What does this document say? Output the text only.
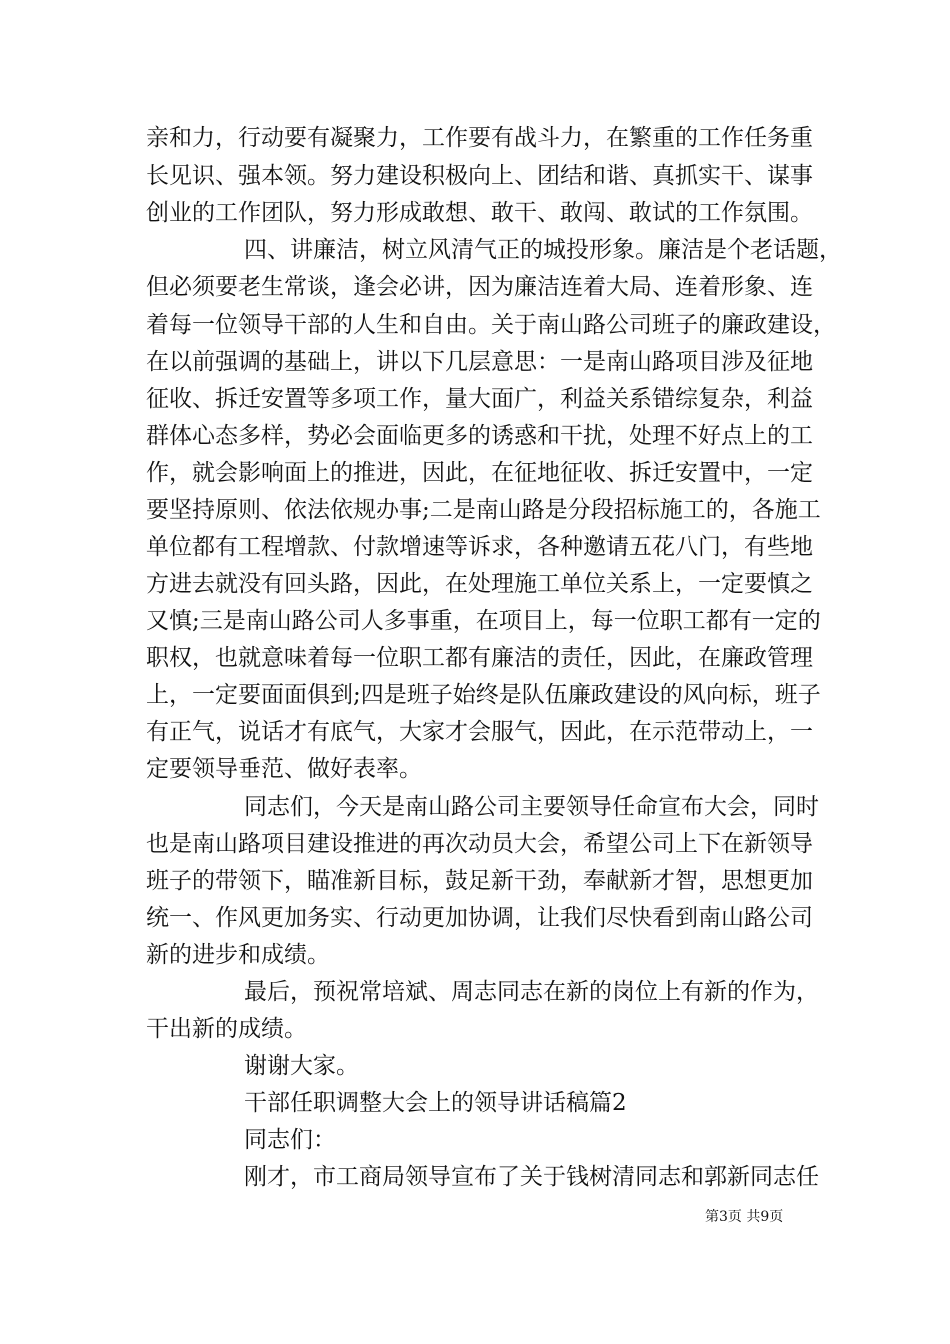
亲和力，行动要有凝聚力，工作要有战斗力，在繁重的工作任务重
长见识、强本领。努力建设积极向上、团结和谐、真抓实干、谋事
创业的工作团队，努力形成敢想、敢干、敢闯、敢试的工作氛围。
四、讲廉洁，树立风清气正的城投形象。廉洁是个老话题，
但必须要老生常谈，逢会必讲，因为廉洁连着大局、连着形象、连
着每一位领导干部的人生和自由。关于南山路公司班子的廉政建设，
在以前强调的基础上，讲以下几层意思：一是南山路项目涉及征地
征收、拆迁安置等多项工作，量大面广，利益关系错综复杂，利益
群体心态多样，势必会面临更多的诱惑和干扰，处理不好点上的工
作，就会影响面上的推进，因此，在征地征收、拆迁安置中，一定
要坚持原则、依法依规办事;二是南山路是分段招标施工的，各施工
单位都有工程增款、付款增速等诉求，各种邀请五花八门，有些地
方进去就没有回头路，因此，在处理施工单位关系上，一定要慎之
又慎;三是南山路公司人多事重，在项目上，每一位职工都有一定的
职权，也就意味着每一位职工都有廉洁的责任，因此，在廉政管理
上，一定要面面俱到;四是班子始终是队伍廉政建设的风向标，班子
有正气，说话才有底气，大家才会服气，因此，在示范带动上，一
定要领导垂范、做好表率。
同志们，今天是南山路公司主要领导任命宣布大会，同时
也是南山路项目建设推进的再次动员大会，希望公司上下在新领导
班子的带领下，瞄准新目标，鼓足新干劲，奉献新才智，思想更加
统一、作风更加务实、行动更加协调，让我们尽快看到南山路公司
新的进步和成绩。
最后，预祝常培斌、周志同志在新的岗位上有新的作为，
干出新的成绩。
谢谢大家。
干部任职调整大会上的领导讲话稿篇2
同志们：
刚才，市工商局领导宣布了关于钱树清同志和郭新同志任
第3页 共9页
